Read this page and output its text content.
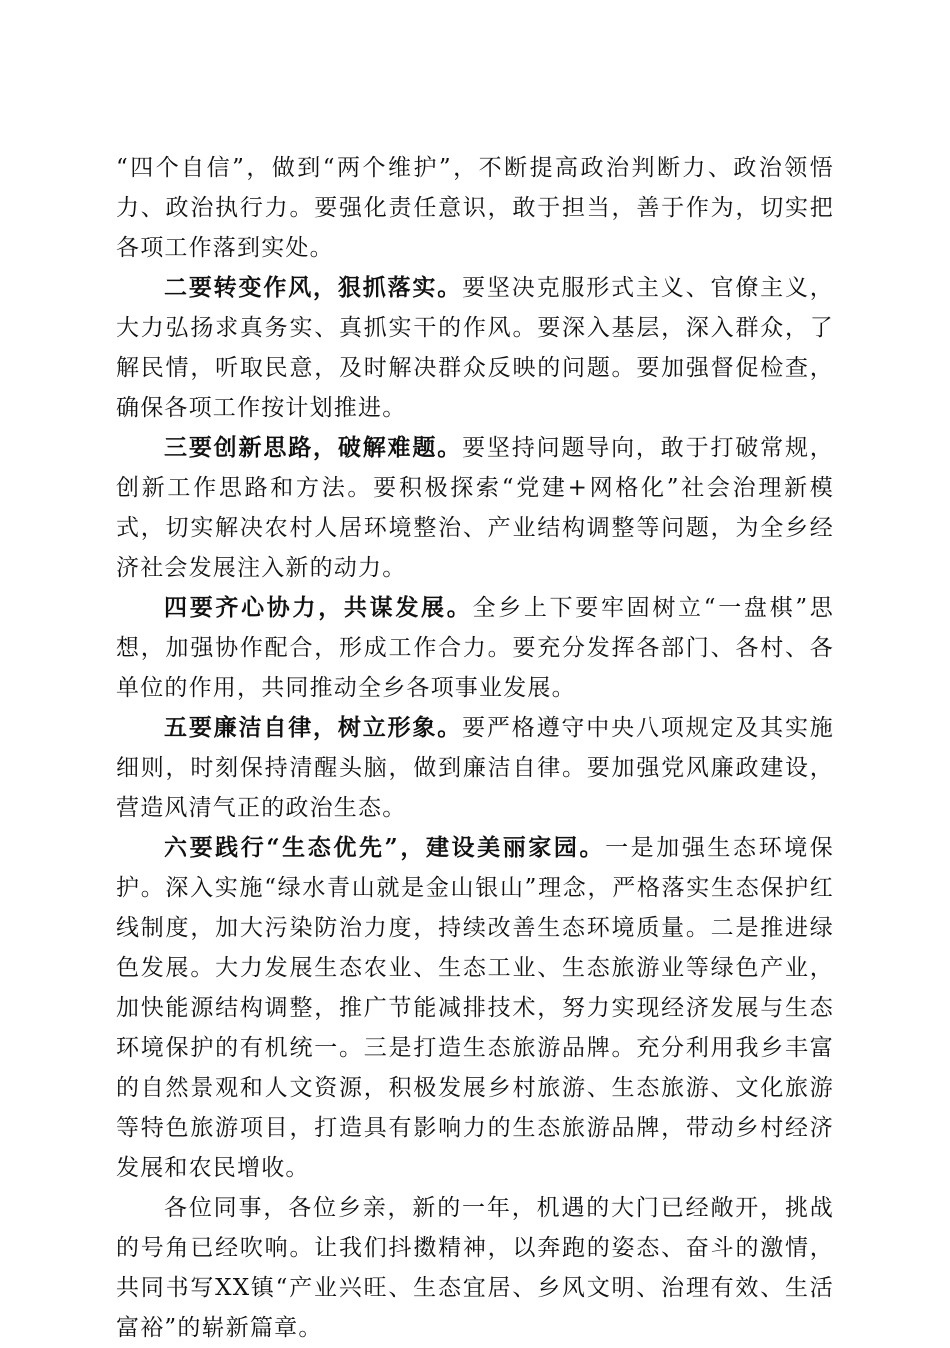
“四个自信”，做到“两个维护”，不断提高政治判断力、政治领悟力、政治执行力。要强化责任意识，敢于担当，善于作为，切实把各项工作落到实处。

二要转变作风，狠抓落实。要坚决克服形式主义、官僚主义，大力弘扬求真务实、真抓实干的作风。要深入基层，深入群众，了解民情，听取民意，及时解决群众反映的问题。要加强督促检查，确保各项工作按计划推进。

三要创新思路，破解难题。要坚持问题导向，敢于打破常规，创新工作思路和方法。要积极探索“党建+网格化”社会治理新模式，切实解决农村人居环境整治、产业结构调整等问题，为全乡经济社会发展注入新的动力。

四要齐心协力，共谋发展。全乡上下要牢固树立“一盘棋”思想，加强协作配合，形成工作合力。要充分发挥各部门、各村、各单位的作用，共同推动全乡各项事业发展。

五要廉洁自律，树立形象。要严格遵守中央八项规定及其实施细则，时刻保持清醒头脑，做到廉洁自律。要加强党风廉政建设，营造风清气正的政治生态。

六要践行“生态优先”，建设美丽家园。一是加强生态环境保护。深入实施“绿水青山就是金山银山”理念，严格落实生态保护红线制度，加大污染防治力度，持续改善生态环境质量。二是推进绿色发展。大力发展生态农业、生态工业、生态旅游业等绿色产业，加快能源结构调整，推广节能减排技术，努力实现经济发展与生态环境保护的有机统一。三是打造生态旅游品牌。充分利用我乡丰富的自然景观和人文资源，积极发展乡村旅游、生态旅游、文化旅游等特色旅游项目，打造具有影响力的生态旅游品牌，带动乡村经济发展和农民增收。

各位同事，各位乡亲，新的一年，机遇的大门已经敞开，挑战的号角已经吹响。让我们抖擞精神，以奔跑的姿态、奋斗的激情，共同书写XX镇“产业兴旺、生态宜居、乡风文明、治理有效、生活富裕”的崭新篇章。
